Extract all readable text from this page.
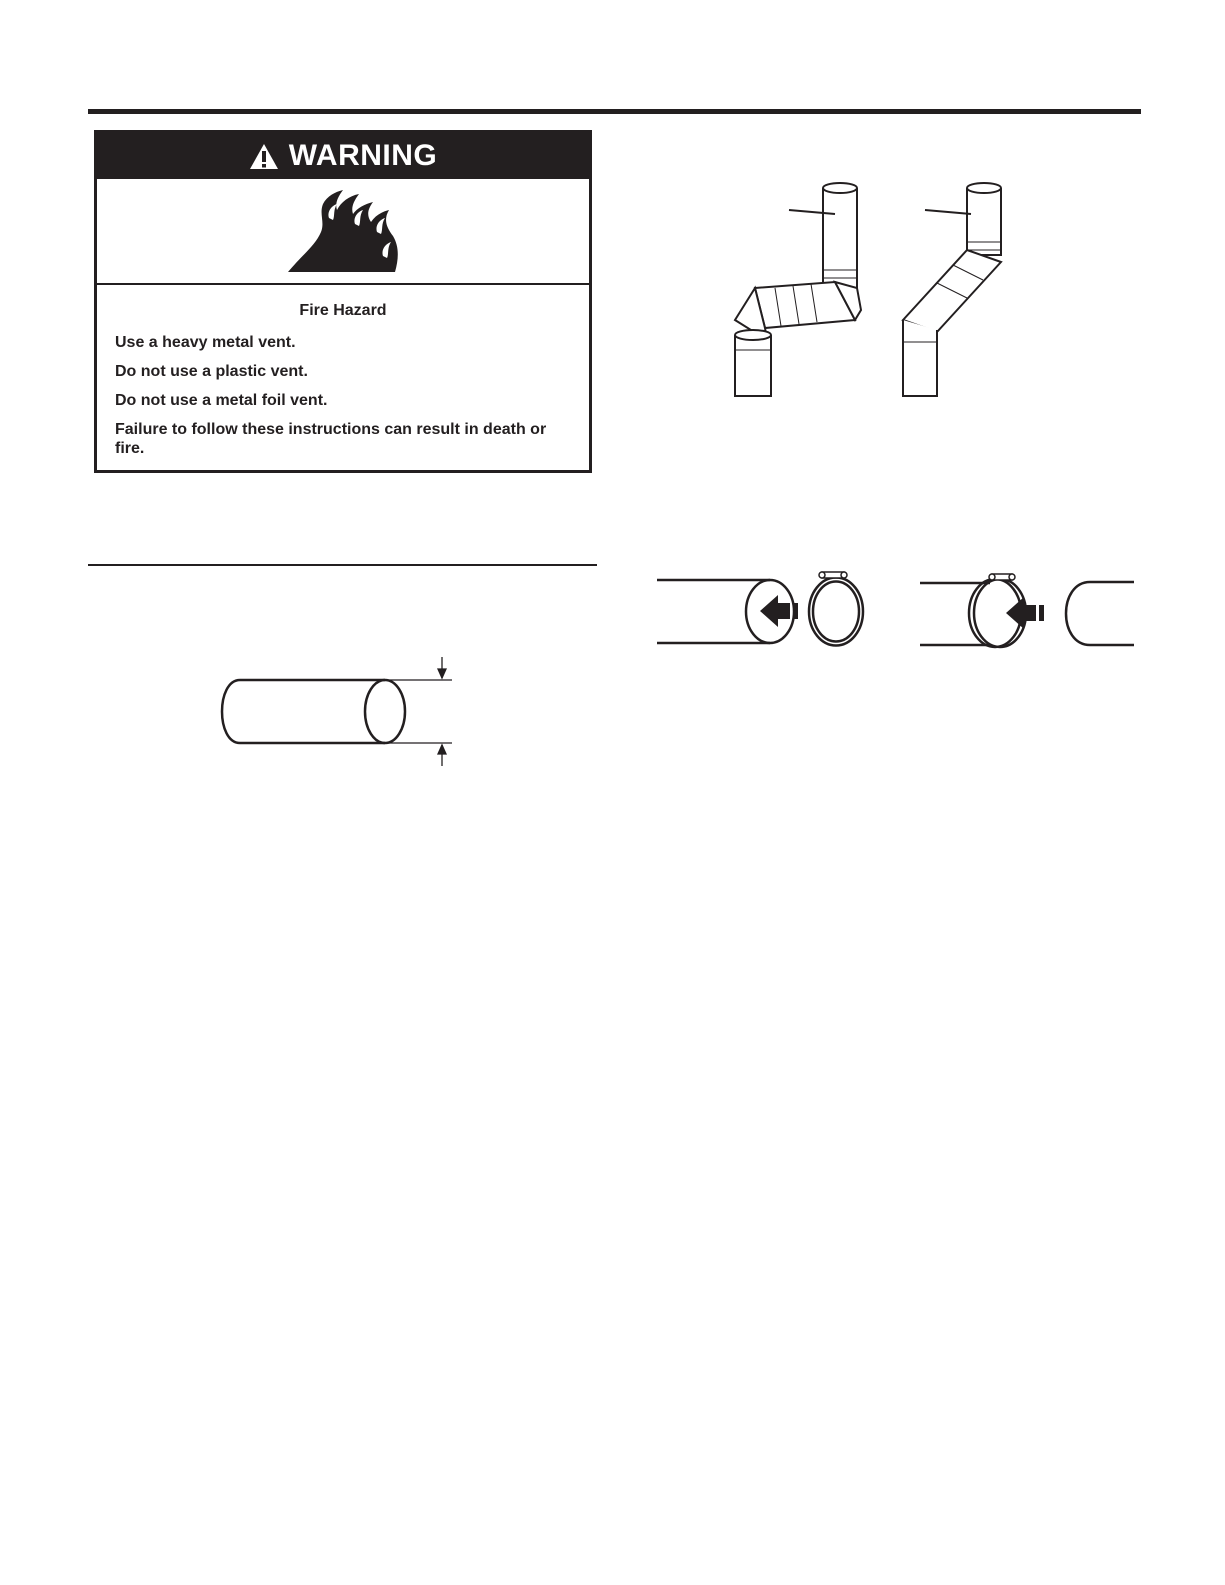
WARNING
Fire Hazard
Use a heavy metal vent.
Do not use a plastic vent.
Do not use a metal foil vent.
Failure to follow these instructions can result in death or fire.
